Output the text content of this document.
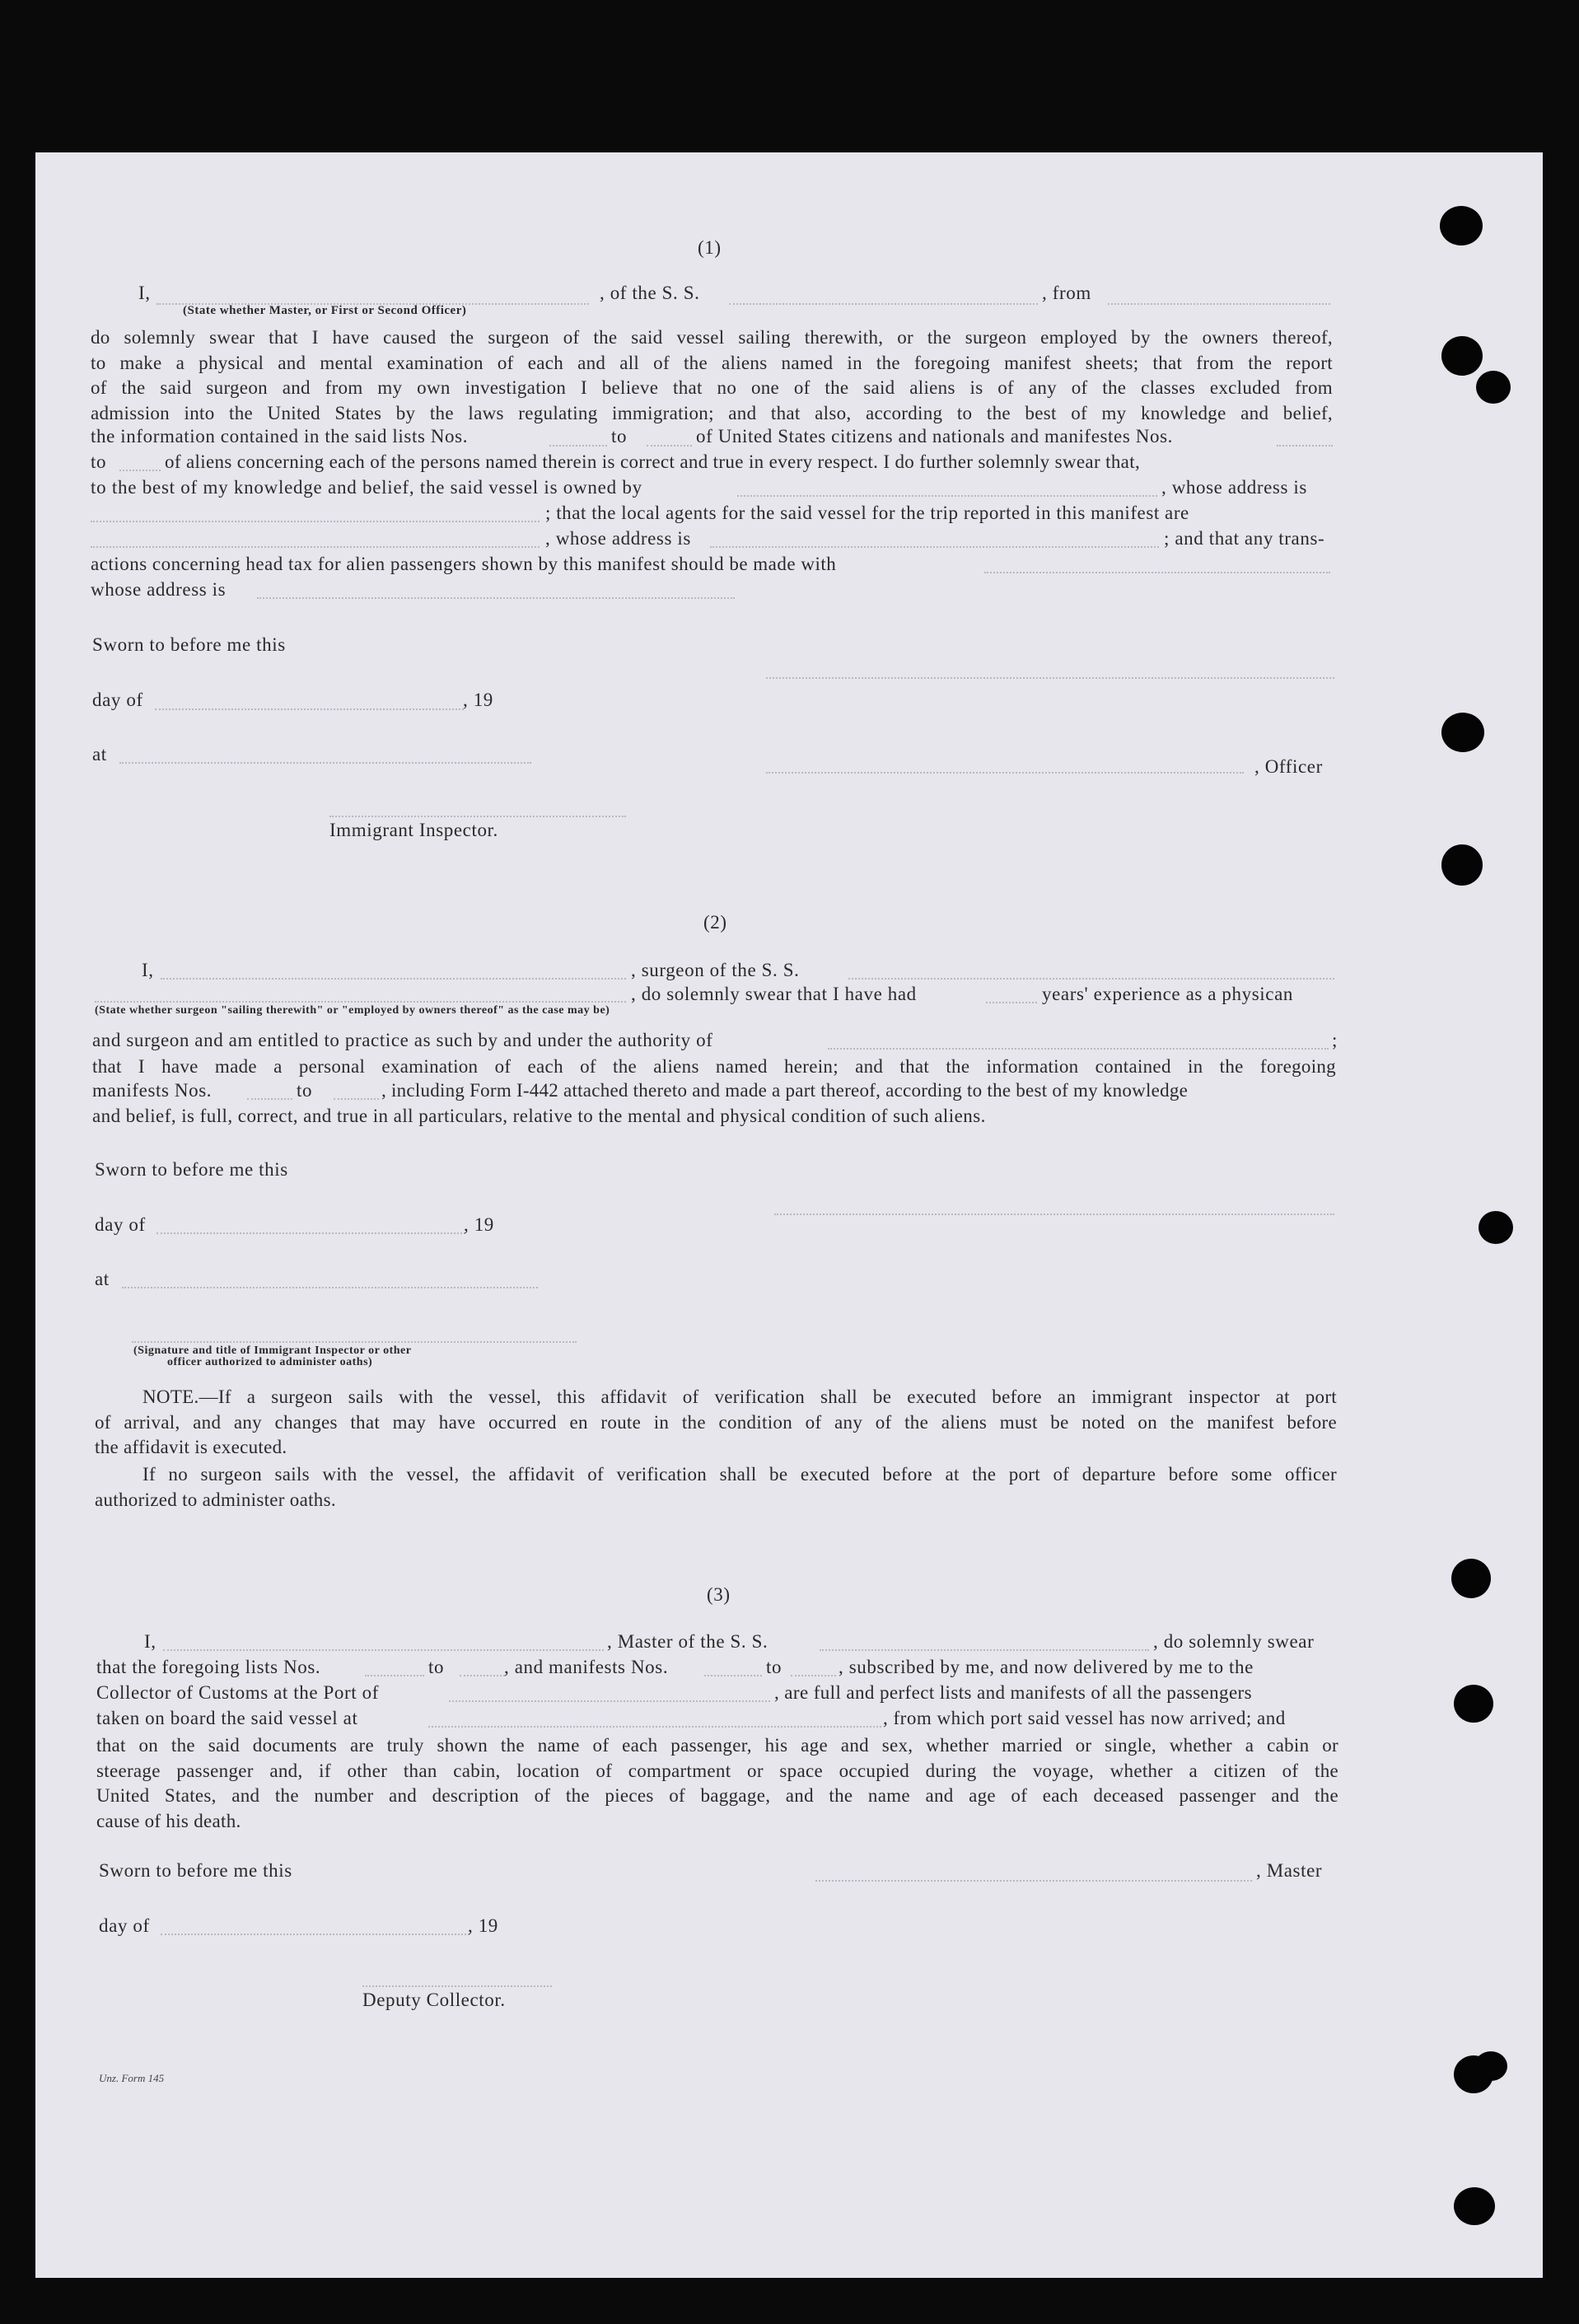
(1)
I,	, of the S. S.	, from
(State whether Master, or First or Second Officer)
do solemnly swear that I have caused the surgeon of the said vessel sailing therewith, or the surgeon employed by the owners thereof,
to make a physical and mental examination of each and all of the aliens named in the foregoing manifest sheets; that from the report
of the said surgeon and from my own investigation I believe that no one of the said aliens is of any of the classes excluded from
admission into the United States by the laws regulating immigration; and that also, according to the best of my knowledge and belief,
the information contained in the said lists Nos.	to	of United States citizens and nationals and manifestes Nos.
to	of aliens concerning each of the persons named therein is correct and true in every respect. I do further solemnly swear that,
to the best of my knowledge and belief, the said vessel is owned by	, whose address is
; that the local agents for the said vessel for the trip reported in this manifest are
, whose address is	; and that any trans-
actions concerning head tax for alien passengers shown by this manifest should be made with
whose address is
Sworn to before me this
day of	, 19
at
, Officer
Immigrant Inspector.
(2)
I,	, surgeon of the S. S.
, do solemnly swear that I have had	years' experience as a physican
(State whether surgeon "sailing therewith" or "employed by owners thereof" as the case may be)
and surgeon and am entitled to practice as such by and under the authority of	;
that I have made a personal examination of each of the aliens named herein; and that the information contained in the foregoing
manifests Nos.	to	, including Form I-442 attached thereto and made a part thereof, according to the best of my knowledge
and belief, is full, correct, and true in all particulars, relative to the mental and physical condition of such aliens.
Sworn to before me this
day of	, 19
at
(Signature and title of Immigrant Inspector or other
officer authorized to administer oaths)
NOTE.—If a surgeon sails with the vessel, this affidavit of verification shall be executed before an immigrant inspector at port
of arrival, and any changes that may have occurred en route in the condition of any of the aliens must be noted on the manifest before
the affidavit is executed.
If no surgeon sails with the vessel, the affidavit of verification shall be executed before at the port of departure before some officer
authorized to administer oaths.
(3)
I,	, Master of the S. S.	, do solemnly swear
that the foregoing lists Nos.	to	, and manifests Nos.	to	, subscribed by me, and now delivered by me to the
Collector of Customs at the Port of	, are full and perfect lists and manifests of all the passengers
taken on board the said vessel at	, from which port said vessel has now arrived; and
that on the said documents are truly shown the name of each passenger, his age and sex, whether married or single, whether a cabin or
steerage passenger and, if other than cabin, location of compartment or space occupied during the voyage, whether a citizen of the
United States, and the number and description of the pieces of baggage, and the name and age of each deceased passenger and the
cause of his death.
Sworn to before me this	, Master
day of	, 19
Deputy Collector.
Unz. Form 145
